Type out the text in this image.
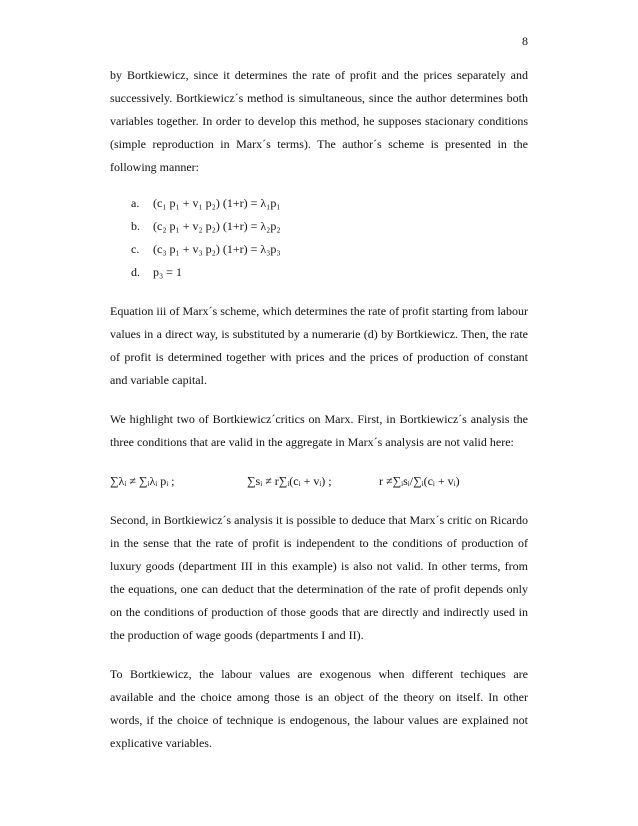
8

by Bortkiewicz, since it determines the rate of profit and the prices separately and successively. Bortkiewicz´s method is simultaneous, since the author determines both variables together. In order to develop this method, he supposes stacionary conditions (simple reproduction in Marx´s terms). The author´s scheme is presented in the following manner:

a.	(c₁ p₁ + v₁ p₂) (1+r) = λ₁p₁
b.	(c₂ p₁ + v₂ p₂) (1+r) = λ₂p₂
c.	(c₃ p₁ + v₃ p₂) (1+r) = λ₃p₃
d.	p₃ = 1

Equation iii of Marx´s scheme, which determines the rate of profit starting from labour values in a direct way, is substituted by a numerarie (d) by Bortkiewicz. Then, the rate of profit is determined together with prices and the prices of production of constant and variable capital.

We highlight two of Bortkiewicz´critics on Marx. First, in Bortkiewicz´s analysis the three conditions that are valid in the aggregate in Marx´s analysis are not valid here:

∑λᵢ ≠ ∑ᵢλᵢ pᵢ ;	∑sᵢ ≠ r∑ᵢ(cᵢ + vᵢ) ;	r ≠∑ᵢsᵢ/∑ᵢ(cᵢ + vᵢ)

Second, in Bortkiewicz´s analysis it is possible to deduce that Marx´s critic on Ricardo in the sense that the rate of profit is independent to the conditions of production of luxury goods (department III in this example) is also not valid. In other terms, from the equations, one can deduct that the determination of the rate of profit depends only on the conditions of production of those goods that are directly and indirectly used in the production of wage goods (departments I and II).

To Bortkiewicz, the labour values are exogenous when different techiques are available and the choice among those is an object of the theory on itself. In other words, if the choice of technique is endogenous, the labour values are explained not explicative variables.
